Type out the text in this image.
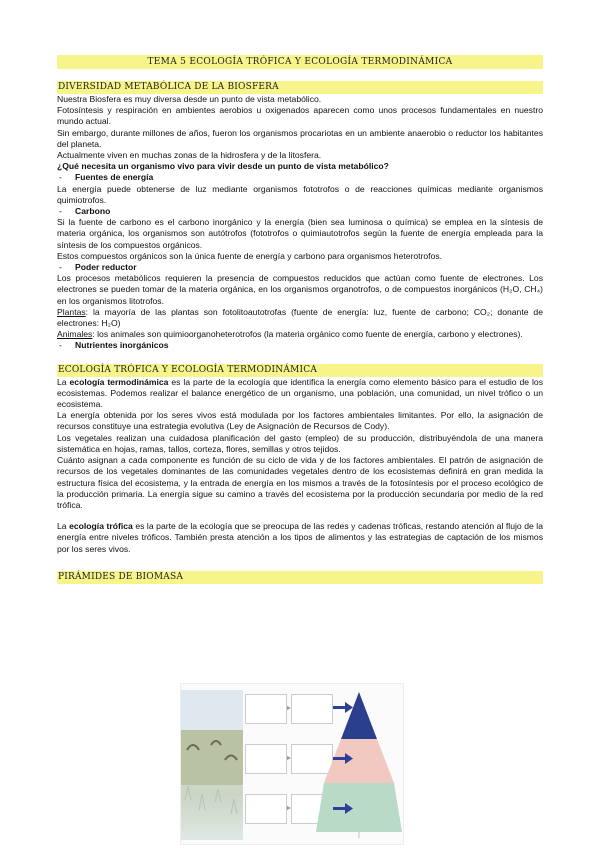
TEMA 5 ECOLOGÍA TRÓFICA Y ECOLOGÍA TERMODINÁMICA
DIVERSIDAD METABÓLICA DE LA BIOSFERA

Nuestra Biosfera es muy diversa desde un punto de vista metabólico.

Fotosíntesis y respiración en ambientes aerobios u oxigenados aparecen como unos procesos fundamentales en nuestro mundo actual.

Sin embargo, durante millones de años, fueron los organismos procariotas en un ambiente anaerobio o reductor los habitantes del planeta.

Actualmente viven en muchas zonas de la hidrosfera y de la litosfera.

¿Qué necesita un organismo vivo para vivir desde un punto de vista metabólico?

-	Fuentes de energía

La energía puede obtenerse de luz mediante organismos fototrofos o de reacciones químicas mediante organismos quimiotrofos.

-	Carbono

Si la fuente de carbono es el carbono inorgánico y la energía (bien sea luminosa o química) se emplea en la síntesis de materia orgánica, los organismos son autótrofos (fototrofos o quimiautotrofos según la fuente de energía empleada para la síntesis de los compuestos orgánicos.

Estos compuestos orgánicos son la única fuente de energía y carbono para organismos heterotrofos.

-	Poder reductor

Los procesos metabólicos requieren la presencia de compuestos reducidos que actúan como fuente de electrones. Los electrones se pueden tomar de la materia orgánica, en los organismos organotrofos, o de compuestos inorgánicos (H₂O, CH₄) en los organismos litotrofos.

Plantas: la mayoría de las plantas son fotolitoautotrofas (fuente de energía: luz, fuente de carbono; CO₂; donante de electrones: H₂O)

Animales: los animales son quimioorganoheterotrofos (la materia orgánico como fuente de energía, carbono y electrones).

-	Nutrientes inorgánicos
ECOLOGÍA TRÓFICA Y ECOLOGÍA TERMODINÁMICA

La ecología termodinámica es la parte de la ecología que identifica la energía como elemento básico para el estudio de los ecosistemas. Podemos realizar el balance energético de un organismo, una población, una comunidad, un nivel trófico o un ecosistema.

La energía obtenida por los seres vivos está modulada por los factores ambientales limitantes. Por ello, la asignación de recursos constituye una estrategia evolutiva (Ley de Asignación de Recursos de Cody).

Los vegetales realizan una cuidadosa planificación del gasto (empleo) de su producción, distribuyéndola de una manera sistemática en hojas, ramas, tallos, corteza, flores, semillas y otros tejidos.

Cuánto asignan a cada componente es función de su ciclo de vida y de los factores ambientales. El patrón de asignación de recursos de los vegetales dominantes de las comunidades vegetales dentro de los ecosistemas definirá en gran medida la estructura física del ecosistema, y la entrada de energía en los mismos a través de la fotosíntesis por el proceso ecológico de la producción primaria. La energía sigue su camino a través del ecosistema por la producción secundaria por medio de la red trófica.

La ecología trófica es la parte de la ecología que se preocupa de las redes y cadenas tróficas, restando atención al flujo de la energía entre niveles tróficos. También presta atención a los tipos de alimentos y las estrategias de captación de los mismos por los seres vivos.

PIRÁMIDES DE BIOMASA
